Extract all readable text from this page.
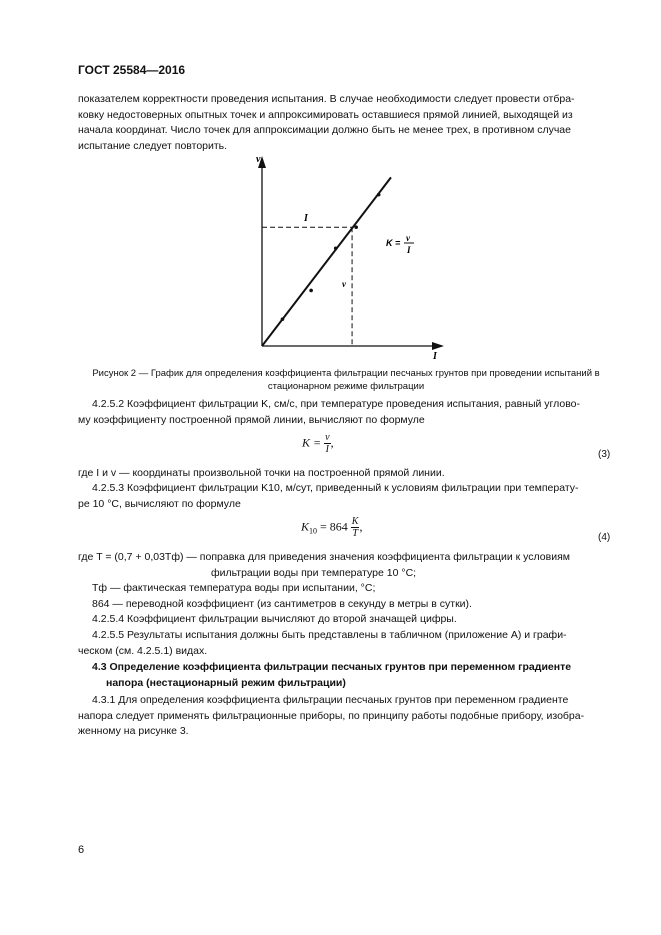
ГОСТ 25584—2016
показателем корректности проведения испытания. В случае необходимости следует провести отбра-
ковку недостоверных опытных точек и аппроксимировать оставшиеся прямой линией, выходящей из
начала координат. Число точек для аппроксимации должно быть не менее трех, в противном случае
испытание следует повторить.
v
I
I
v
K = v
I
Рисунок 2 — График для определения коэффициента фильтрации песчаных грунтов при проведении испытаний в
стационарном режиме фильтрации
4.2.5.2 Коэффициент фильтрации K, см/с, при температуре проведения испытания, равный углово-
му коэффициенту построенной прямой линии, вычисляют по формуле
$K = \frac{v}{I}$ ,
(3)
где I и v — координаты произвольной точки на построенной прямой линии.
4.2.5.3 Коэффициент фильтрации K10, м/сут, приведенный к условиям фильтрации при температу-
ре 10 °С, вычисляют по формуле
$K_{10} = 864 \frac{K}{T}$ ,
(4)
где T = (0,7 + 0,03Tф) — поправка для приведения значения коэффициента фильтрации к условиям
фильтрации воды при температуре 10 °С;
Tф — фактическая температура воды при испытании, °С;
864 — переводной коэффициент (из сантиметров в секунду в метры в сутки).
4.2.5.4 Коэффициент фильтрации вычисляют до второй значащей цифры.
4.2.5.5 Результаты испытания должны быть представлены в табличном (приложение А) и графи-
ческом (см. 4.2.5.1) видах.
4.3 Определение коэффициента фильтрации песчаных грунтов при переменном градиенте
напора (нестационарный режим фильтрации)
4.3.1 Для определения коэффициента фильтрации песчаных грунтов при переменном градиенте
напора следует применять фильтрационные приборы, по принципу работы подобные прибору, изобра-
женному на рисунке 3.
6
